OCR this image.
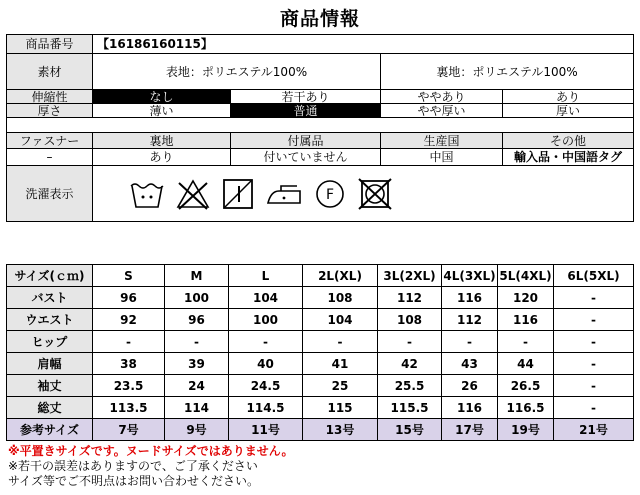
商品情報
商品番号	【16186160115】			
素材	表地：ポリエステル100%		裏地：ポリエステル100%	
伸縮性	なし	若干あり	ややあり	あり
厚さ	薄い	普通	やや厚い	厚い

ファスナー	裏地	付属品	生産国	その他
–	あり	付いていません	中国	輸入品・中国語タグ
洗濯表示	F			
サイズ(ｃｍ)	S	M	L	2L(XL)	3L(2XL)	4L(3XL)	5L(4XL)	6L(5XL)
バスト	96	100	104	108	112	116	120	-
ウエスト	92	96	100	104	108	112	116	-
ヒップ	-	-	-	-	-	-	-	-
肩幅	38	39	40	41	42	43	44	-
袖丈	23.5	24	24.5	25	25.5	26	26.5	-
総丈	113.5	114	114.5	115	115.5	116	116.5	-
参考サイズ	7号	9号	11号	13号	15号	17号	19号	21号
※平置きサイズです。ヌードサイズではありません。
※若干の誤差はありますので、ご了承ください
サイズ等でご不明点はお問い合わせください。
